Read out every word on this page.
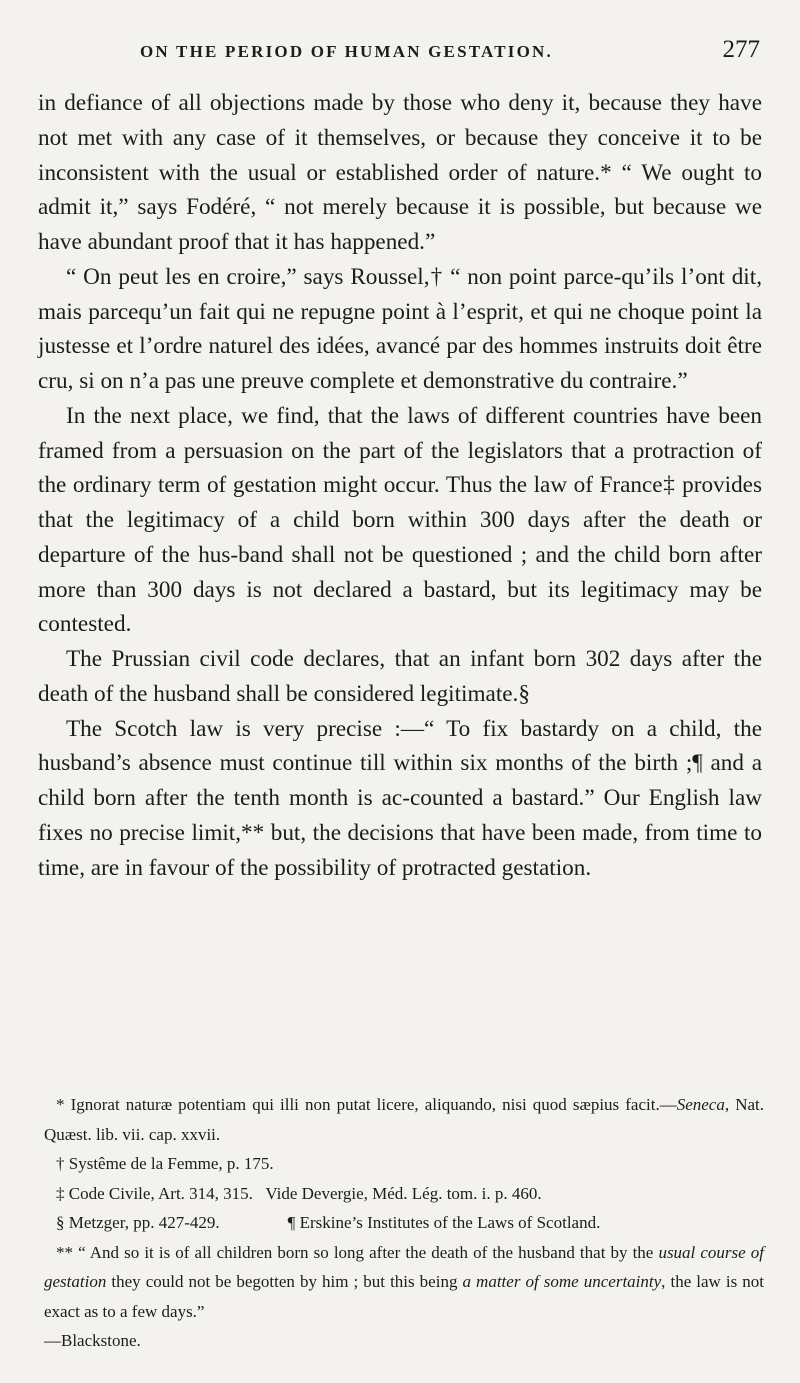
ON THE PERIOD OF HUMAN GESTATION.	277

in defiance of all objections made by those who deny it, because they have not met with any case of it themselves, or because they conceive it to be inconsistent with the usual or established order of nature.* “ We ought to admit it,” says Fodéré, “ not merely because it is possible, but because we have abundant proof that it has happened.”

“ On peut les en croire,” says Roussel,† “ non point parce-qu’ils l’ont dit, mais parcequ’un fait qui ne repugne point à l’esprit, et qui ne choque point la justesse et l’ordre naturel des idées, avancé par des hommes instruits doit être cru, si on n’a pas une preuve complete et demonstrative du contraire.”

In the next place, we find, that the laws of different countries have been framed from a persuasion on the part of the legislators that a protraction of the ordinary term of gestation might occur. Thus the law of France‡ provides that the legitimacy of a child born within 300 days after the death or departure of the hus-band shall not be questioned ; and the child born after more than 300 days is not declared a bastard, but its legitimacy may be contested.

The Prussian civil code declares, that an infant born 302 days after the death of the husband shall be considered legitimate.§

The Scotch law is very precise :—“ To fix bastardy on a child, the husband’s absence must continue till within six months of the birth ;¶ and a child born after the tenth month is ac-counted a bastard.” Our English law fixes no precise limit,** but, the decisions that have been made, from time to time, are in favour of the possibility of protracted gestation.

* Ignorat naturæ potentiam qui illi non putat licere, aliquando, nisi quod sæpius facit.—Seneca, Nat. Quæst. lib. vii. cap. xxvii.

† Systême de la Femme, p. 175.

‡ Code Civile, Art. 314, 315.   Vide Devergie, Méd. Lég. tom. i. p. 460.

§ Metzger, pp. 427-429.	¶ Erskine’s Institutes of the Laws of Scotland.

** “ And so it is of all children born so long after the death of the husband that by the usual course of gestation they could not be begotten by him ; but this being a matter of some uncertainty, the law is not exact as to a few days.”

—Blackstone.
